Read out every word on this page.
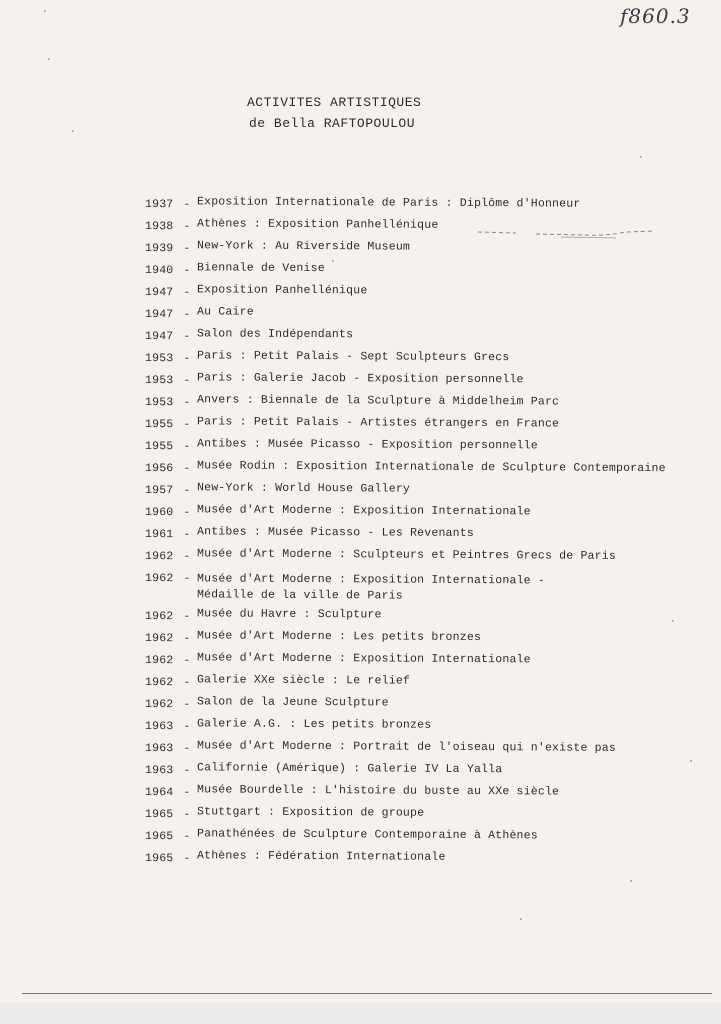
f860.3
ACTIVITES ARTISTIQUES
de Bella RAFTOPOULOU
1937 - Exposition Internationale de Paris : Diplôme d'Honneur
1938 - Athènes : Exposition Panhellénique
1939 - New-York : Au Riverside Museum
1940 - Biennale de Venise
1947 - Exposition Panhellénique
1947 - Au Caire
1947 - Salon des Indépendants
1953 - Paris : Petit Palais - Sept Sculpteurs Grecs
1953 - Paris : Galerie Jacob - Exposition personnelle
1953 - Anvers : Biennale de la Sculpture à Middelheim Parc
1955 - Paris : Petit Palais - Artistes étrangers en France
1955 - Antibes : Musée Picasso - Exposition personnelle
1956 - Musée Rodin : Exposition Internationale de Sculpture Contemporaine
1957 - New-York : World House Gallery
1960 - Musée d'Art Moderne : Exposition Internationale
1961 - Antibes : Musée Picasso - Les Revenants
1962 - Musée d'Art Moderne : Sculpteurs et Peintres Grecs de Paris
1962 - Musée d'Art Moderne : Exposition Internationale -
Médaille de la ville de Paris
1962 - Musée du Havre : Sculpture
1962 - Musée d'Art Moderne : Les petits bronzes
1962 - Musée d'Art Moderne : Exposition Internationale
1962 - Galerie XXe siècle : Le relief
1962 - Salon de la Jeune Sculpture
1963 - Galerie A.G. : Les petits bronzes
1963 - Musée d'Art Moderne : Portrait de l'oiseau qui n'existe pas
1963 - Californie (Amérique) : Galerie IV La Yalla
1964 - Musée Bourdelle : L'histoire du buste au XXe siècle
1965 - Stuttgart : Exposition de groupe
1965 - Panathénées de Sculpture Contemporaine à Athènes
1965 - Athènes : Fédération Internationale
